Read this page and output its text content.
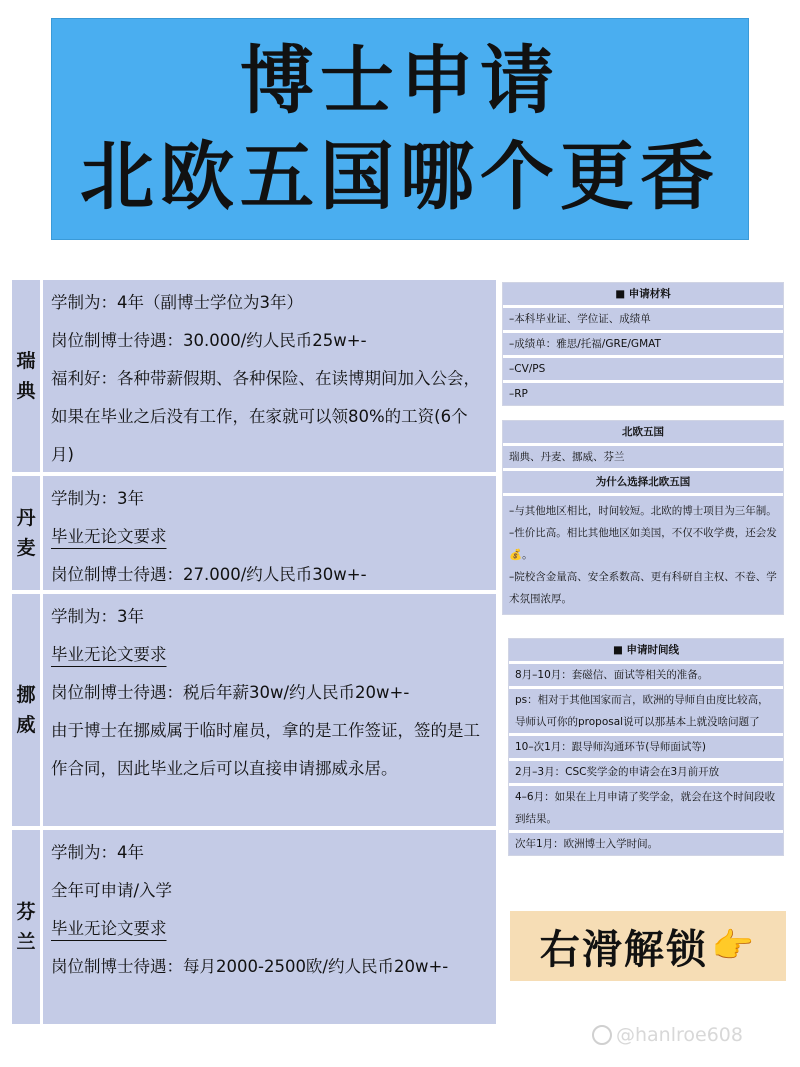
博士申请
北欧五国哪个更香
瑞
典
学制为：4年（副博士学位为3年）
岗位制博士待遇：30.000/约人民币25w+-
福利好：各种带薪假期、各种保险、在读博期间加入公会，如果在毕业之后没有工作，在家就可以领80%的工资(6个月)
丹
麦
学制为：3年
毕业无论文要求
岗位制博士待遇：27.000/约人民币30w+-
挪
威
学制为：3年
毕业无论文要求
岗位制博士待遇：税后年薪30w/约人民币20w+-
由于博士在挪威属于临时雇员，拿的是工作签证，签的是工作合同，因此毕业之后可以直接申请挪威永居。
芬
兰
学制为：4年
全年可申请/入学
毕业无论文要求
岗位制博士待遇：每月2000-2500欧/约人民币20w+-
■ 申请材料
–本科毕业证、学位证、成绩单
–成绩单：雅思/托福/GRE/GMAT
–CV/PS
–RP
北欧五国
瑞典、丹麦、挪威、芬兰
为什么选择北欧五国
–与其他地区相比，时间较短。北欧的博士项目为三年制。
–性价比高。相比其他地区如美国，不仅不收学费，还会发💰。
–院校含金量高、安全系数高、更有科研自主权、不卷、学术氛围浓厚。
■ 申请时间线
8月–10月：套磁信、面试等相关的准备。
ps：相对于其他国家而言，欧洲的导师自由度比较高，导师认可你的proposal说可以那基本上就没啥问题了
10–次1月：跟导师沟通环节(导师面试等)
2月–3月：CSC奖学金的申请会在3月前开放
4–6月：如果在上月申请了奖学金，就会在这个时间段收到结果。
次年1月：欧洲博士入学时间。
右滑解锁 👉
@hanlroe608
